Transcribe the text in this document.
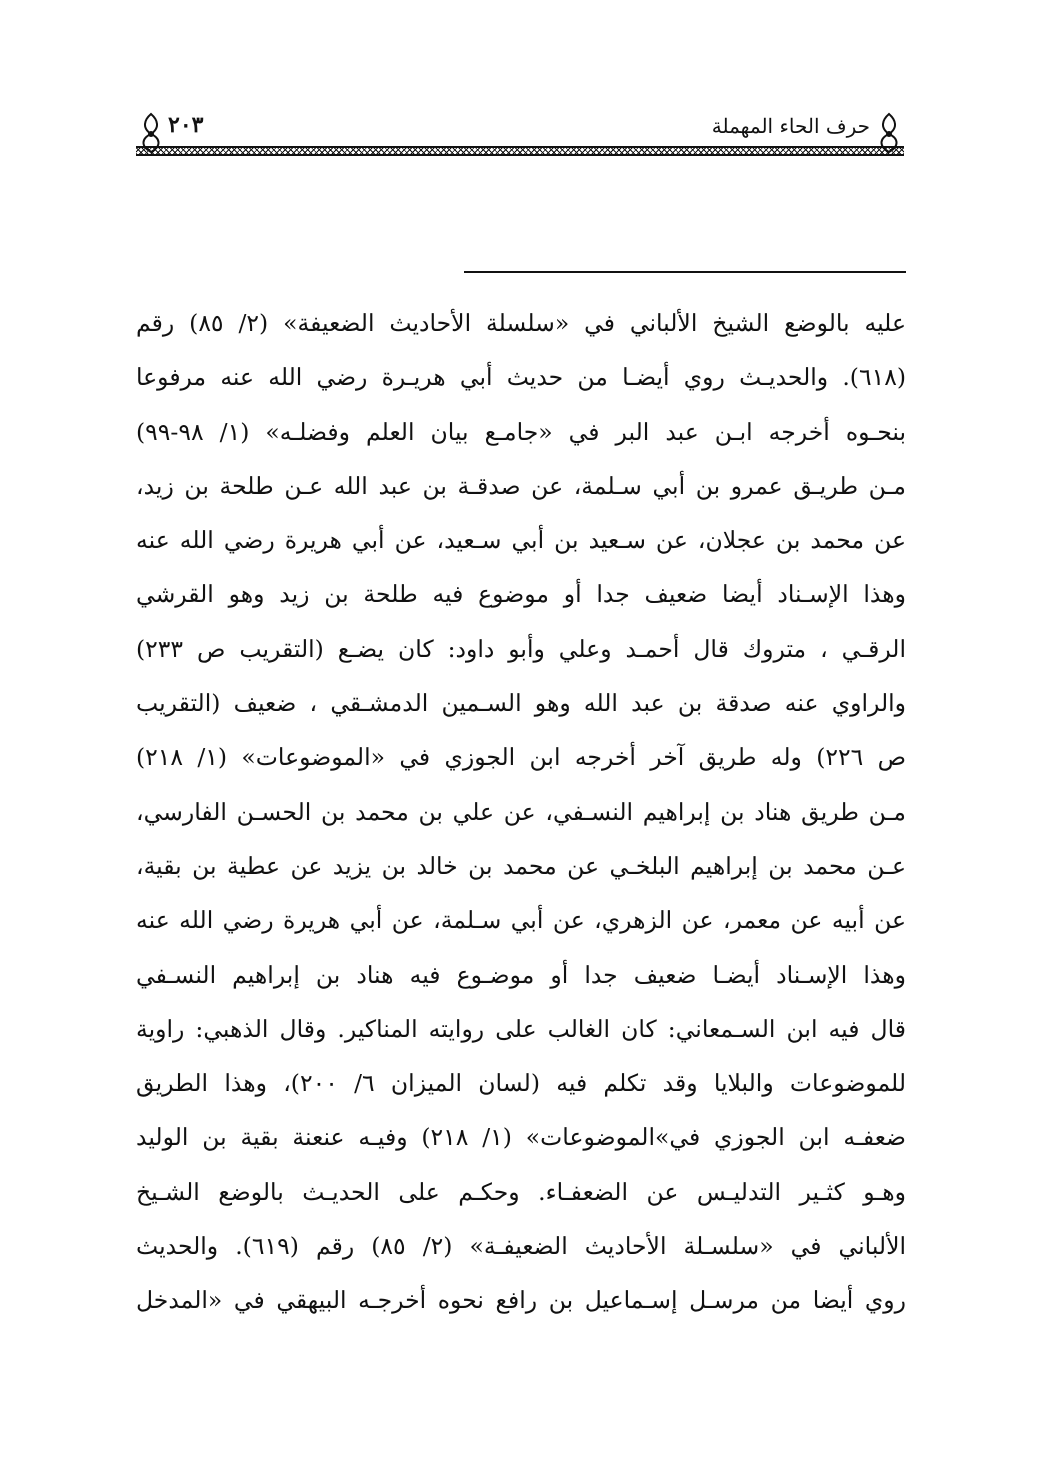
حرف الحاء المهملة
٢٠٣
عليه بالوضع الشيخ الألباني في «سلسلة الأحاديث الضعيفة» (٢/ ٨٥) رقم
(٦١٨). والحديـث روي أيضـا من حديث أبي هريـرة رضي الله عنه مرفوعا
بنحـوه أخرجه ابـن عبد البر في «جامـع بيان العلم وفضلـه» (١/ ٩٨-٩٩)
مـن طريـق عمرو بن أبي سـلمة، عن صدقـة بن عبد الله عـن طلحة بن زيد،
عن محمد بن عجلان، عن سـعيد بن أبي سـعيد، عن أبي هريرة رضي الله عنه
وهذا الإسـناد أيضا ضعيف جدا أو موضوع فيه طلحة بن زيد وهو القرشي
الرقـي ، متروك قال أحمـد وعلي وأبو داود: كان يضـع (التقريب ص ٢٣٣)
والراوي عنه صدقة بن عبد الله وهو السـمين الدمشـقي ، ضعيف (التقريب
ص ٢٢٦) وله طريق آخر أخرجه ابن الجوزي في «الموضوعات» (١/ ٢١٨)
مـن طريق هناد بن إبراهيم النسـفي، عن علي بن محمد بن الحسـن الفارسي،
عـن محمد بن إبراهيم البلخـي عن محمد بن خالد بن يزيد عن عطية بن بقية،
عن أبيه عن معمر، عن الزهري، عن أبي سـلمة، عن أبي هريرة رضي الله عنه
وهذا الإسـناد أيضـا ضعيف جدا أو موضـوع فيه هناد بن إبراهيم النسـفي
قال فيه ابن السـمعاني: كان الغالب على روايته المناكير. وقال الذهبي: راوية
للموضوعات والبلايا وقد تكلم فيه (لسان الميزان ٦/ ٢٠٠)، وهذا الطريق
ضعفـه ابن الجوزي في»الموضوعات» (١/ ٢١٨) وفيـه عنعنة بقية بن الوليد
وهـو كثـير التدليـس عن الضعفـاء. وحكـم على الحديـث بالوضع الشـيخ
الألباني في «سلسـلة الأحاديث الضعيفـة» (٢/ ٨٥) رقم (٦١٩). والحديث
روي أيضا من مرسـل إسـماعيل بن رافع نحوه أخرجـه البيهقي في «المدخل
